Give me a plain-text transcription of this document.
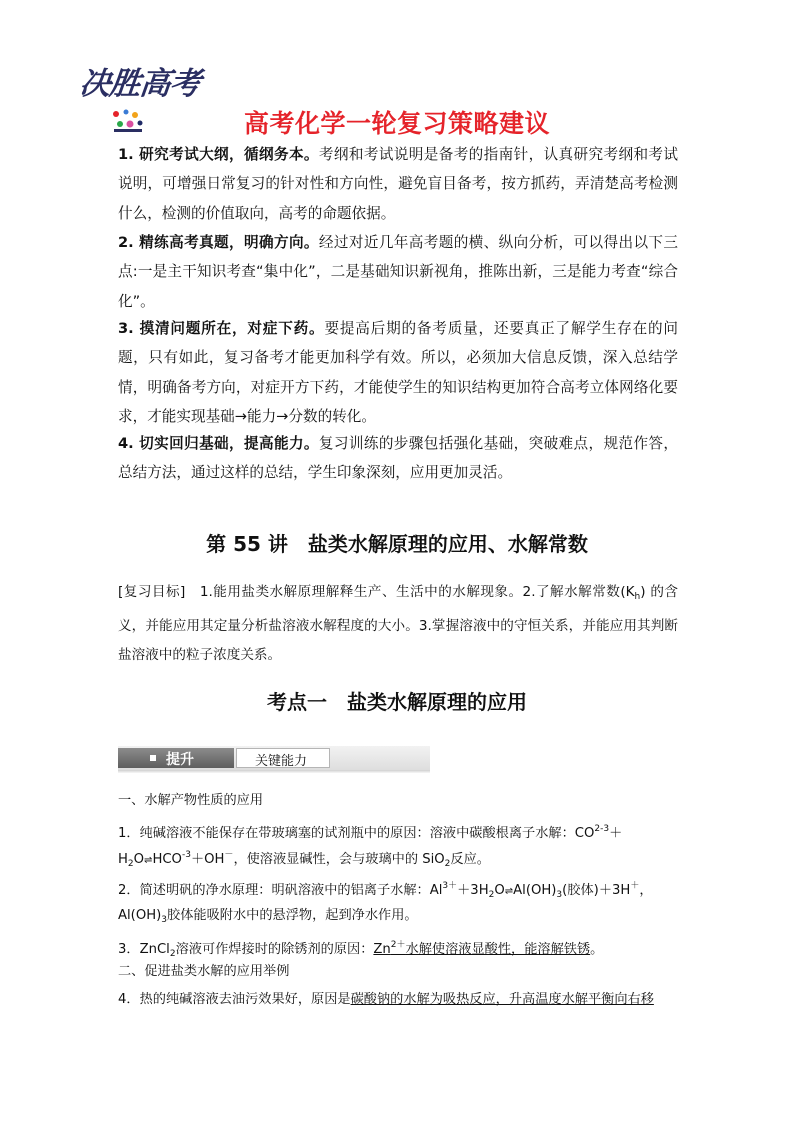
决胜高考
高考化学一轮复习策略建议
1. 研究考试大纲，循纲务本。考纲和考试说明是备考的指南针，认真研究考纲和考试说明，可增强日常复习的针对性和方向性，避免盲目备考，按方抓药，弄清楚高考检测什么，检测的价值取向，高考的命题依据。
2. 精练高考真题，明确方向。经过对近几年高考题的横、纵向分析，可以得出以下三点:一是主干知识考查“集中化”，二是基础知识新视角，推陈出新，三是能力考查“综合化”。
3. 摸清问题所在，对症下药。要提高后期的备考质量，还要真正了解学生存在的问题，只有如此，复习备考才能更加科学有效。所以，必须加大信息反馈，深入总结学情，明确备考方向，对症开方下药，才能使学生的知识结构更加符合高考立体网络化要求，才能实现基础→能力→分数的转化。
4. 切实回归基础，提高能力。复习训练的步骤包括强化基础，突破难点，规范作答，总结方法，通过这样的总结，学生印象深刻，应用更加灵活。
第 55 讲　盐类水解原理的应用、水解常数
[复习目标]　1.能用盐类水解原理解释生产、生活中的水解现象。2.了解水解常数$(K_h)$ 的含义，并能应用其定量分析盐溶液水解程度的大小。3.掌握溶液中的守恒关系，并能应用其判断盐溶液中的粒子浓度关系。
考点一　盐类水解原理的应用
提升	关键能力
一、水解产物性质的应用
1．纯碱溶液不能保存在带玻璃塞的试剂瓶中的原因：溶液中碳酸根离子水解：$CO^{2-3}+$
$H_2O\rightleftharpoons HCO^{-3}+OH^-$，使溶液显碱性，会与玻璃中的 SiO$_2$反应。
2．简述明矾的净水原理：明矾溶液中的铝离子水解：$Al^{3+}+3H_2O\rightleftharpoons Al(OH)_3$(胶体)＋3H＋，
$Al(OH)_3$胶体能吸附水中的悬浮物，起到净水作用。
3．ZnCl$_2$溶液可作焊接时的除锈剂的原因：$Zn^{2+}$水解使溶液显酸性，能溶解铁锈。
二、促进盐类水解的应用举例
4．热的纯碱溶液去油污效果好，原因是碳酸钠的水解为吸热反应，升高温度水解平衡向右移
